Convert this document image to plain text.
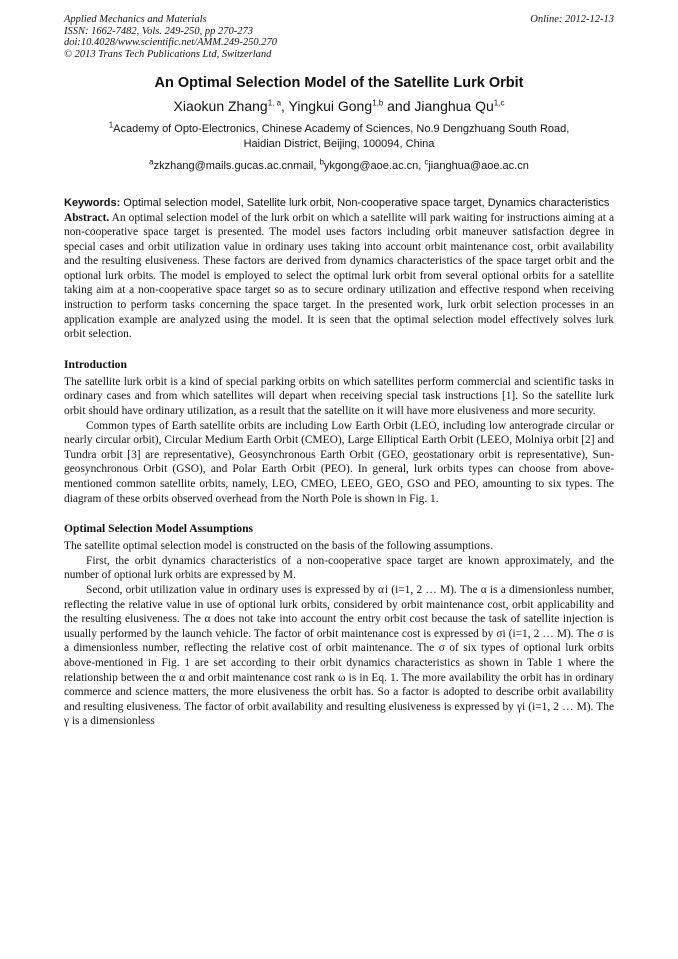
Applied Mechanics and Materials
ISSN: 1662-7482, Vols. 249-250, pp 270-273
doi:10.4028/www.scientific.net/AMM.249-250.270
© 2013 Trans Tech Publications Ltd, Switzerland
Online: 2012-12-13
An Optimal Selection Model of the Satellite Lurk Orbit
Xiaokun Zhang$^{1, a}$, Yingkui Gong$^{1,b}$ and Jianghua Qu$^{1,c}$
$^1$Academy of Opto-Electronics, Chinese Academy of Sciences, No.9 Dengzhuang South Road,
Haidian District, Beijing, 100094, China
$^a$zkzhang@mails.gucas.ac.cnmail, $^b$ykgong@aoe.ac.cn, $^c$jianghua@aoe.ac.cn
Keywords: Optimal selection model, Satellite lurk orbit, Non-cooperative space target, Dynamics characteristics

Abstract. An optimal selection model of the lurk orbit on which a satellite will park waiting for instructions aiming at a non-cooperative space target is presented. The model uses factors including orbit maneuver satisfaction degree in special cases and orbit utilization value in ordinary uses taking into account orbit maintenance cost, orbit availability and the resulting elusiveness. These factors are derived from dynamics characteristics of the space target orbit and the optional lurk orbits. The model is employed to select the optimal lurk orbit from several optional orbits for a satellite taking aim at a non-cooperative space target so as to secure ordinary utilization and effective respond when receiving instruction to perform tasks concerning the space target. In the presented work, lurk orbit selection processes in an application example are analyzed using the model. It is seen that the optimal selection model effectively solves lurk orbit selection.

Introduction

The satellite lurk orbit is a kind of special parking orbits on which satellites perform commercial and scientific tasks in ordinary cases and from which satellites will depart when receiving special task instructions [1]. So the satellite lurk orbit should have ordinary utilization, as a result that the satellite on it will have more elusiveness and more security.

Common types of Earth satellite orbits are including Low Earth Orbit (LEO, including low anterograde circular or nearly circular orbit), Circular Medium Earth Orbit (CMEO), Large Elliptical Earth Orbit (LEEO, Molniya orbit [2] and Tundra orbit [3] are representative), Geosynchronous Earth Orbit (GEO, geostationary orbit is representative), Sun-geosynchronous Orbit (GSO), and Polar Earth Orbit (PEO). In general, lurk orbits types can choose from above-mentioned common satellite orbits, namely, LEO, CMEO, LEEO, GEO, GSO and PEO, amounting to six types. The diagram of these orbits observed overhead from the North Pole is shown in Fig. 1.

Optimal Selection Model Assumptions

The satellite optimal selection model is constructed on the basis of the following assumptions.

First, the orbit dynamics characteristics of a non-cooperative space target are known approximately, and the number of optional lurk orbits are expressed by M.

Second, orbit utilization value in ordinary uses is expressed by α i (i=1, 2 … M). The α is a dimensionless number, reflecting the relative value in use of optional lurk orbits, considered by orbit maintenance cost, orbit applicability and the resulting elusiveness. The α does not take into account the entry orbit cost because the task of satellite injection is usually performed by the launch vehicle. The factor of orbit maintenance cost is expressed by σi (i=1, 2 … M). The σ is a dimensionless number, reflecting the relative cost of orbit maintenance. The σ of six types of optional lurk orbits above-mentioned in Fig. 1 are set according to their orbit dynamics characteristics as shown in Table 1 where the relationship between the α and orbit maintenance cost rank ω is in Eq. 1. The more availability the orbit has in ordinary commerce and science matters, the more elusiveness the orbit has. So a factor is adopted to describe orbit availability and resulting elusiveness. The factor of orbit availability and resulting elusiveness is expressed by γi (i=1, 2 … M). The γ is a dimensionless
